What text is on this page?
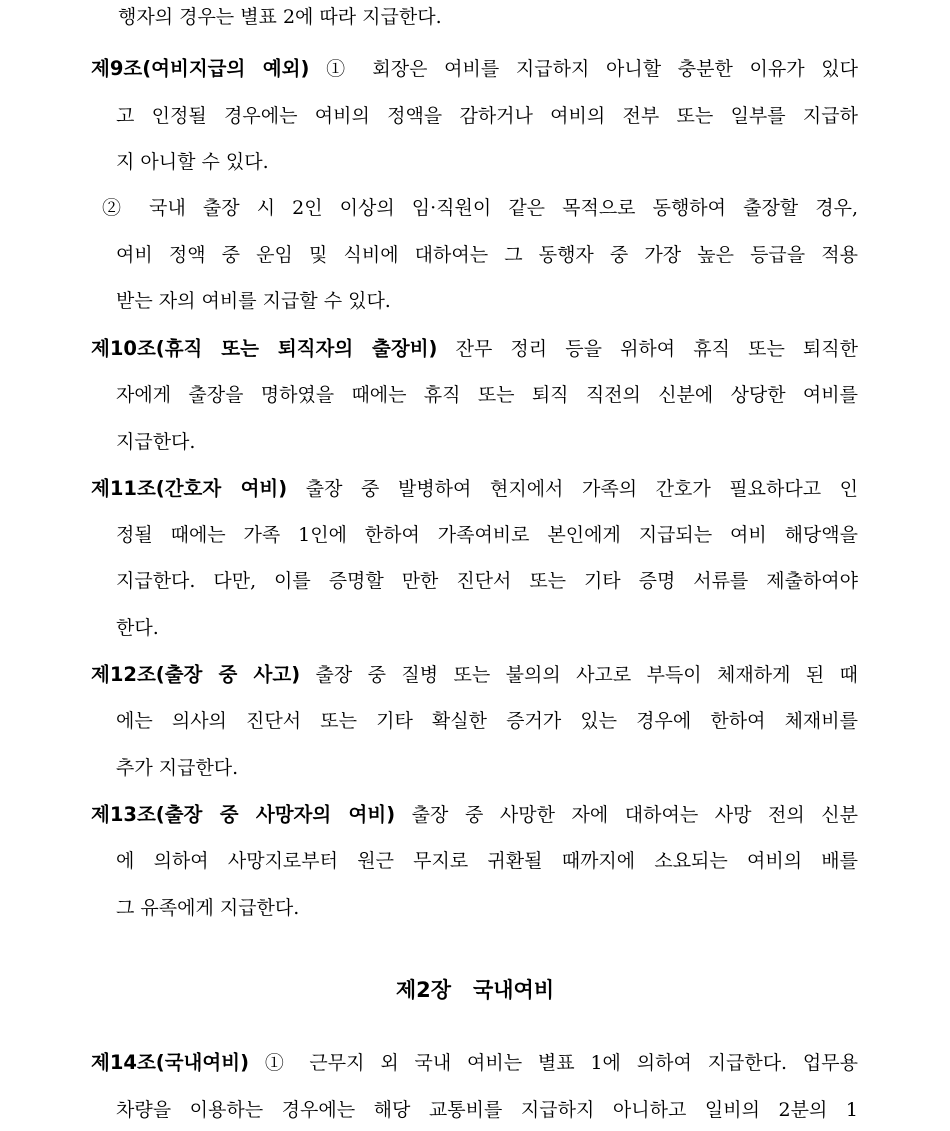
행자의 경우는 별표 2에 따라 지급한다.
제9조(여비지급의 예외) ① 회장은 여비를 지급하지 아니할 충분한 이유가 있다
고 인정될 경우에는 여비의 정액을 감하거나 여비의 전부 또는 일부를 지급하
지 아니할 수 있다.
② 국내 출장 시 2인 이상의 임·직원이 같은 목적으로 동행하여 출장할 경우,
여비 정액 중 운임 및 식비에 대하여는 그 동행자 중 가장 높은 등급을 적용
받는 자의 여비를 지급할 수 있다.
제10조(휴직 또는 퇴직자의 출장비) 잔무 정리 등을 위하여 휴직 또는 퇴직한
자에게 출장을 명하였을 때에는 휴직 또는 퇴직 직전의 신분에 상당한 여비를
지급한다.
제11조(간호자 여비) 출장 중 발병하여 현지에서 가족의 간호가 필요하다고 인
정될 때에는 가족 1인에 한하여 가족여비로 본인에게 지급되는 여비 해당액을
지급한다. 다만, 이를 증명할 만한 진단서 또는 기타 증명 서류를 제출하여야
한다.
제12조(출장 중 사고) 출장 중 질병 또는 불의의 사고로 부득이 체재하게 된 때
에는 의사의 진단서 또는 기타 확실한 증거가 있는 경우에 한하여 체재비를
추가 지급한다.
제13조(출장 중 사망자의 여비) 출장 중 사망한 자에 대하여는 사망 전의 신분
에 의하여 사망지로부터 원근 무지로 귀환될 때까지에 소요되는 여비의 배를
그 유족에게 지급한다.
제2장   국내여비
제14조(국내여비) ① 근무지 외 국내 여비는 별표 1에 의하여 지급한다. 업무용
차량을 이용하는 경우에는 해당 교통비를 지급하지 아니하고 일비의 2분의 1
